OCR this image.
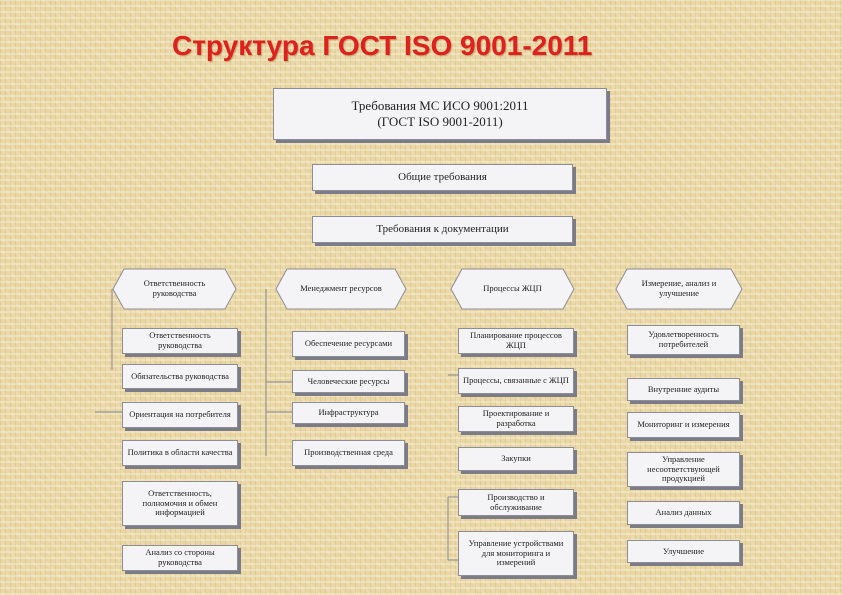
Структура ГОСТ ISO 9001-2011
Требования МС ИСО 9001:2011
(ГОСТ ISO 9001-2011)
Общие требования
Требования к документации
Ответственность руководства	Менеджмент ресурсов	Процессы ЖЦП	Измерение, анализ и улучшение
Ответственность руководства
Обязательства руководства
Ориентация на потребителя
Политика в области качества
Ответственность, полномочия и обмен информацией
Анализ со стороны руководства
Обеспечение ресурсами
Человеческие ресурсы
Инфраструктура
Производственная среда
Планирование процессов ЖЦП
Процессы, связанные с ЖЦП
Проектирование и разработка
Закупки
Производство и обслуживание
Управление устройствами для мониторинга и измерений
Удовлетворенность потребителей
Внутренние аудиты
Мониторинг и измерения
Управление несоответствующей продукцией
Анализ данных
Улучшение
